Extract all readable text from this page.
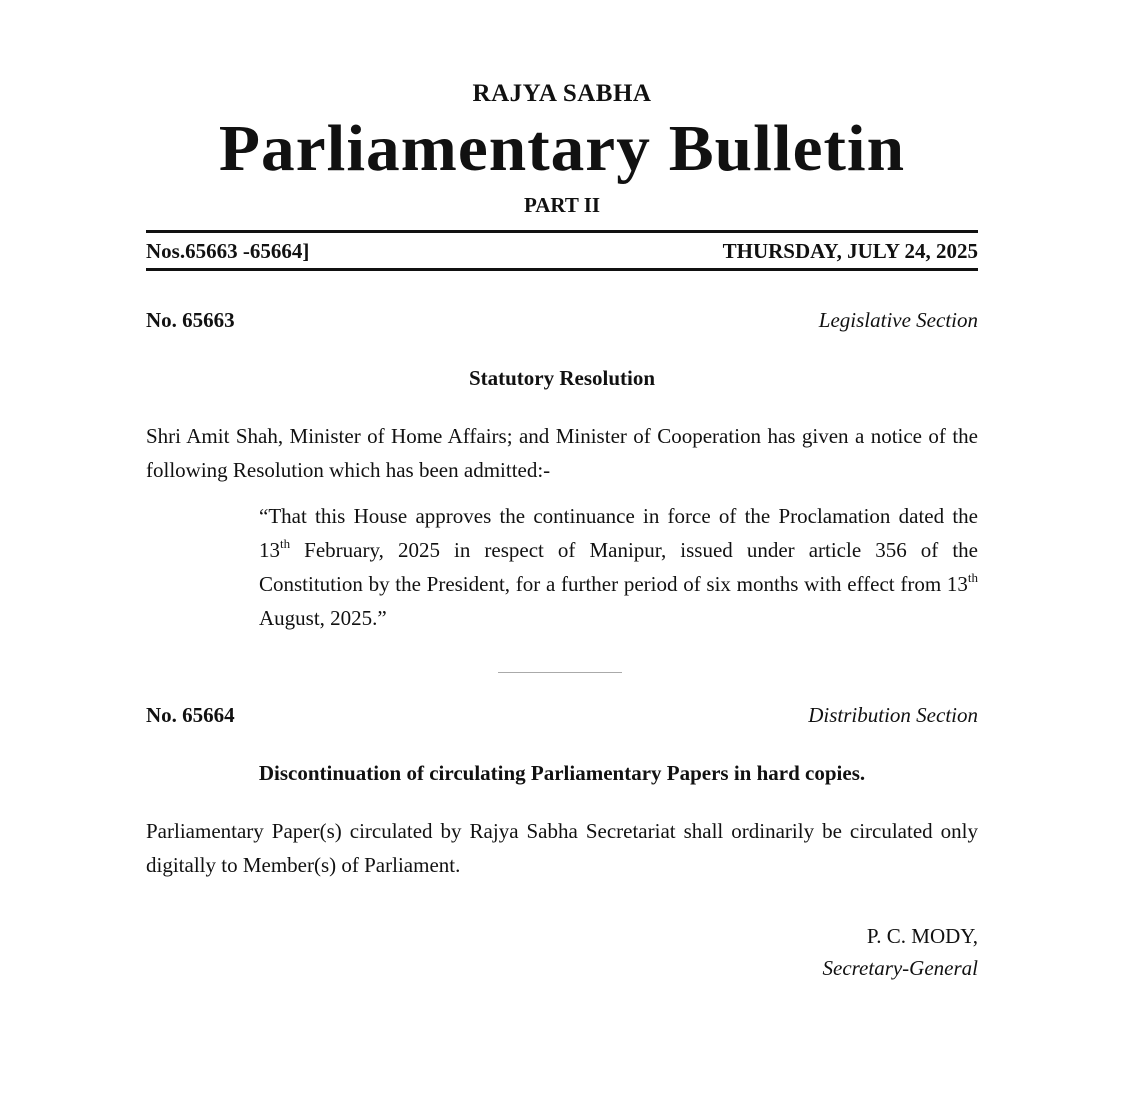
RAJYA SABHA
Parliamentary Bulletin
PART II
Nos.65663 -65664]	THURSDAY, JULY 24, 2025
No. 65663	Legislative Section
Statutory Resolution
Shri Amit Shah, Minister of Home Affairs; and Minister of Cooperation has given a notice of the following Resolution which has been admitted:-
“That this House approves the continuance in force of the Proclamation dated the 13th February, 2025 in respect of Manipur, issued under article 356 of the Constitution by the President, for a further period of six months with effect from 13th August, 2025.”
No. 65664	Distribution Section
Discontinuation of circulating Parliamentary Papers in hard copies.
Parliamentary Paper(s) circulated by Rajya Sabha Secretariat shall ordinarily be circulated only digitally to Member(s) of Parliament.
P. C. MODY,
Secretary-General
